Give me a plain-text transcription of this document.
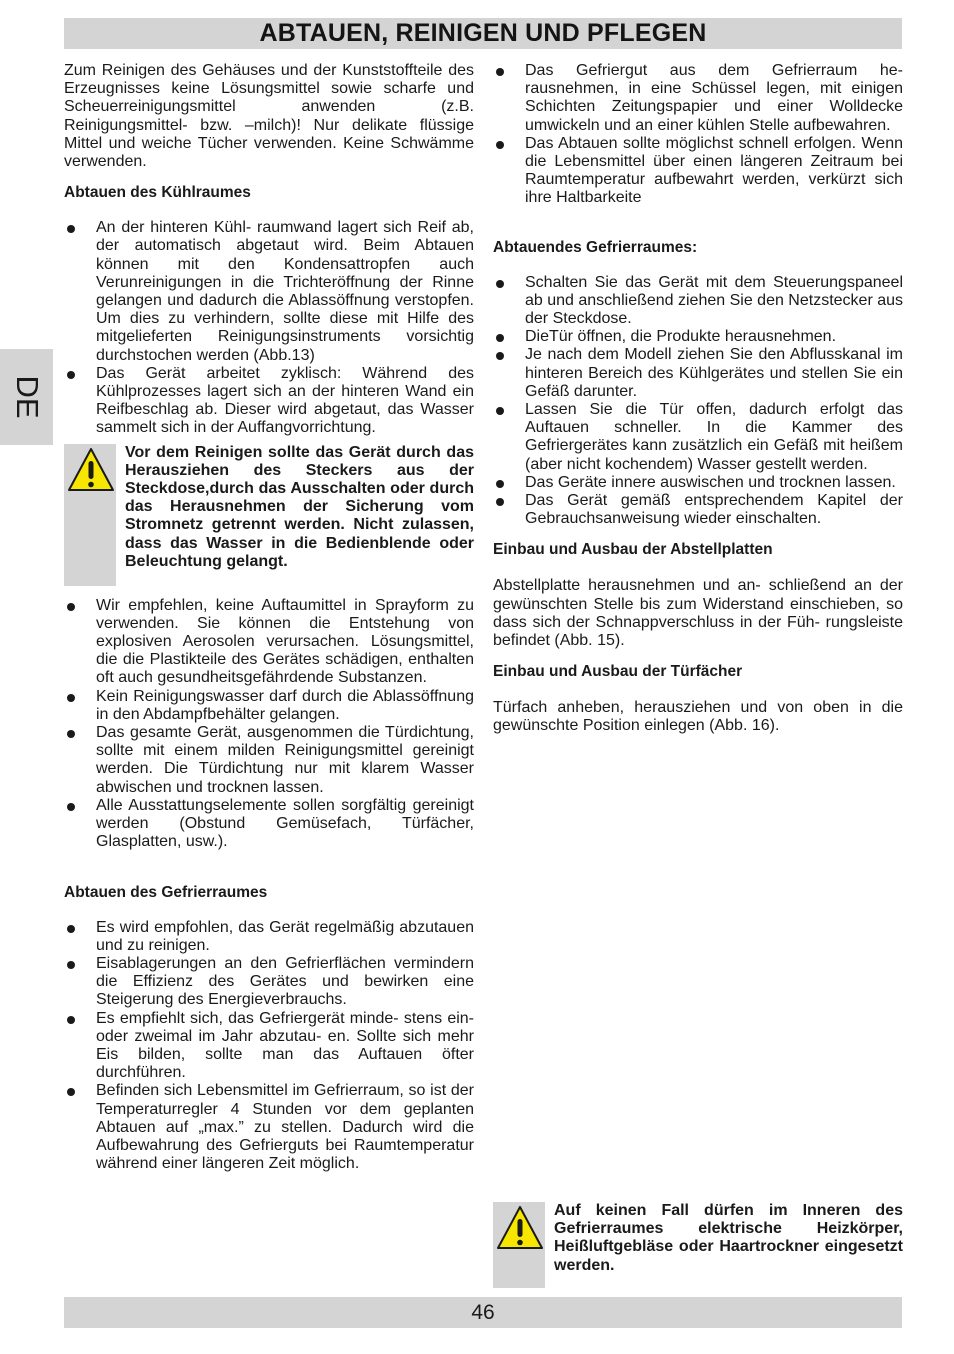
ABTAUEN, REINIGEN UND PFLEGEN
DE

Zum Reinigen des Gehäuses und der Kunststoffteile des Erzeugnisses keine Lösungsmittel sowie scharfe und Scheuerreinigungsmittel anwenden (z.B. Reinigungsmittel- bzw. –milch)! Nur delikate flüssige Mittel und weiche Tücher verwenden. Keine Schwämme verwenden.

Abtauen des Kühlraumes
An der hinteren Kühl- raumwand lagert sich Reif ab, der automatisch abgetaut wird. Beim Abtauen können mit den Kondensattropfen auch Verunreinigungen in die Trichteröffnung der Rinne gelangen und dadurch die Ablassöffnung verstopfen. Um dies zu verhindern, sollte diese mit Hilfe des mitgelieferten Reinigungsinstruments vorsichtig durchstochen werden (Abb.13)
Das Gerät arbeitet zyklisch: Während des Kühlprozesses lagert sich an der hinteren Wand ein Reifbeschlag ab. Dieser wird abgetaut, das Wasser sammelt sich in der Auffangvorrichtung.
Vor dem Reinigen sollte das Gerät durch das Herausziehen des Steckers aus der Steckdose,durch das Ausschalten oder durch das Herausnehmen der Sicherung vom Stromnetz getrennt werden. Nicht zulassen, dass das Wasser in die Bedienblende oder Beleuchtung gelangt.
Wir empfehlen, keine Auftaumittel in Sprayform zu verwenden. Sie können die Entstehung von explosiven Aerosolen verursachen. Lösungsmittel, die die Plastikteile des Gerätes schädigen, enthalten oft auch gesundheitsgefährdende Substanzen.
Kein Reinigungswasser darf durch die Ablassöffnung in den Abdampfbehälter gelangen.
Das gesamte Gerät, ausgenommen die Türdichtung, sollte mit einem milden Reinigungsmittel gereinigt werden. Die Türdichtung nur mit klarem Wasser abwischen und trocknen lassen.
Alle Ausstattungselemente sollen sorgfältig gereinigt werden (Obstund Gemüsefach, Türfächer, Glasplatten, usw.).
Abtauen des Gefrierraumes
Es wird empfohlen, das Gerät regelmäßig abzutauen und zu reinigen.
Eisablagerungen an den Gefrierflächen vermindern die Effizienz des Gerätes und bewirken eine Steigerung des Energieverbrauchs.
Es empfiehlt sich, das Gefriergerät minde- stens ein- oder zweimal im Jahr abzutau- en. Sollte sich mehr Eis bilden, sollte man das Auftauen öfter durchführen.
Befinden sich Lebensmittel im Gefrierraum, so ist der Temperaturregler 4 Stunden vor dem geplanten Abtauen auf „max.” zu stellen. Dadurch wird die Aufbewahrung des Gefrierguts bei Raumtemperatur während einer längeren Zeit möglich.
Das Gefriergut aus dem Gefrierraum he- rausnehmen, in eine Schüssel legen, mit einigen Schichten Zeitungspapier und einer Wolldecke umwickeln und an einer kühlen Stelle aufbewahren.
Das Abtauen sollte möglichst schnell erfolgen. Wenn die Lebensmittel über einen längeren Zeitraum bei Raumtemperatur aufbewahrt werden, verkürzt sich ihre Haltbarkeite
Abtauendes Gefrierraumes:
Schalten Sie das Gerät mit dem Steuerungspaneel ab und anschließend ziehen Sie den Netzstecker aus der Steckdose.
DieTür öffnen, die Produkte herausnehmen.
Je nach dem Modell ziehen Sie den Abflusskanal im hinteren Bereich des Kühlgerätes und stellen Sie ein Gefäß darunter.
Lassen Sie die Tür offen, dadurch erfolgt das Auftauen schneller. In die Kammer des Gefriergerätes kann zusätzlich ein Gefäß mit heißem (aber nicht kochendem) Wasser gestellt werden.
Das Geräte innere auswischen und trocknen lassen.
Das Gerät gemäß entsprechendem Kapitel der Gebrauchsanweisung wieder einschalten.
Einbau und Ausbau der Abstellplatten

Abstellplatte herausnehmen und an- schließend an der gewünschten Stelle bis zum Widerstand einschieben, so dass sich der Schnappverschluss in der Füh- rungsleiste befindet (Abb. 15).

Einbau und Ausbau der Türfächer

Türfach anheben, herausziehen und von oben in die gewünschte Position einlegen (Abb. 16).

Auf keinen Fall dürfen im Inneren des Gefrierraumes elektrische Heizkörper, Heißluftgebläse oder Haartrockner eingesetzt werden.
46
